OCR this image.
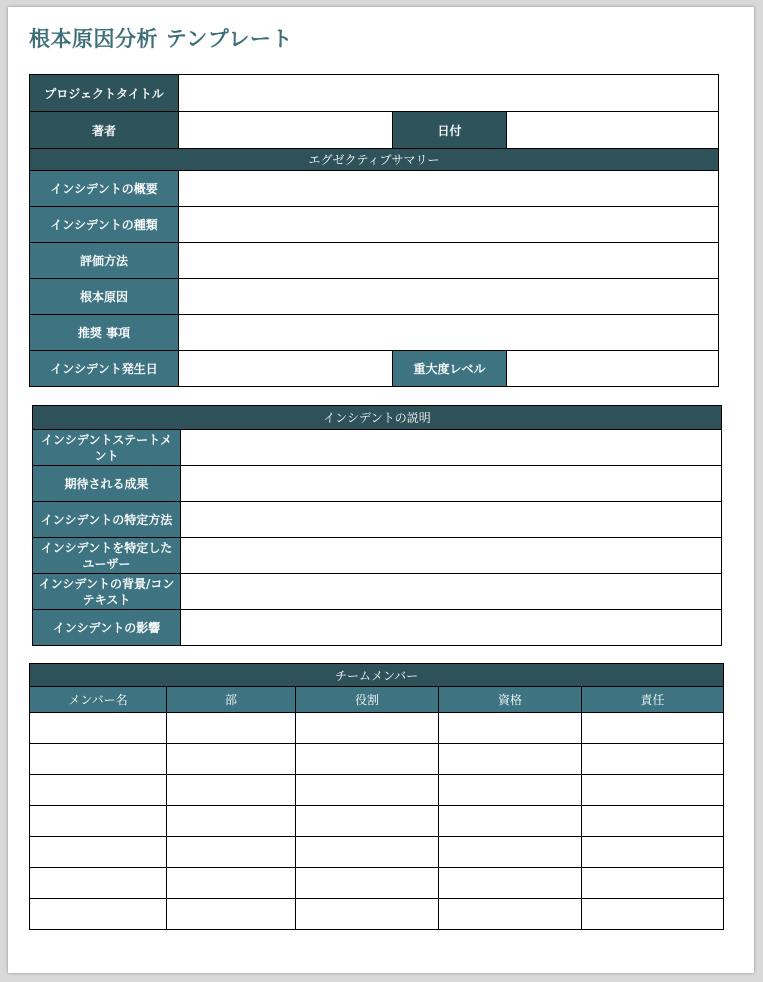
根本原因分析 テンプレート
プロジェクトタイトル			
著者		日付	
エグゼクティブサマリー			
インシデントの概要			
インシデントの種類			
評価方法			
根本原因			
推奨 事項			
インシデント発生日		重大度レベル	
インシデントの説明	
インシデントステートメント	
期待される成果	
インシデントの特定方法	
インシデントを特定したユーザー	
インシデントの背景/コンテキスト	
インシデントの影響	
チームメンバー				
メンバー名	部	役割	資格	責任
